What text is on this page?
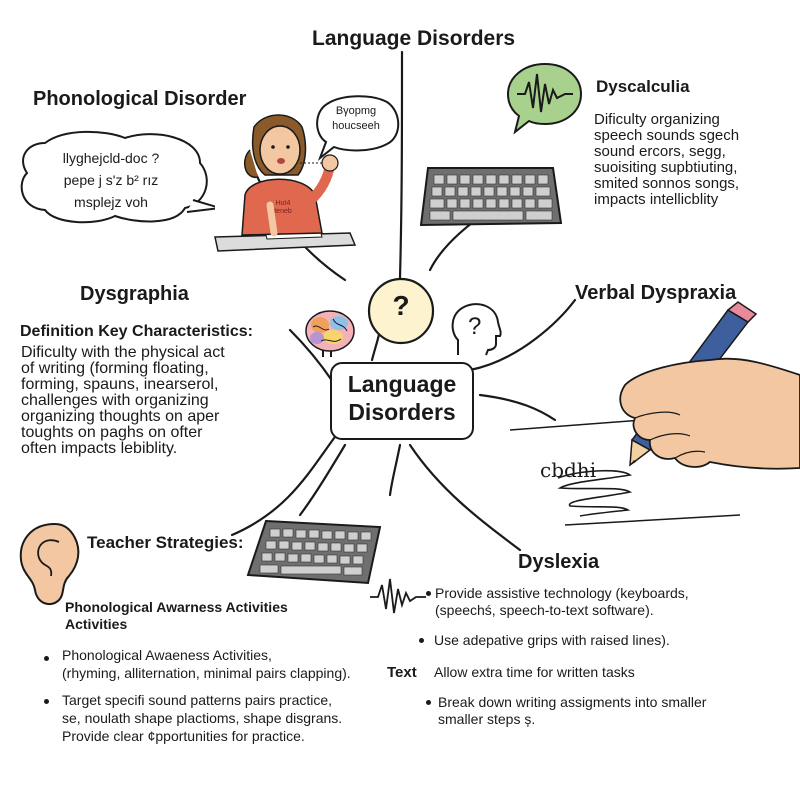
Language Disorders
Phonological Disorder
llyghejcld-doc ?
pepe j s'z b² rız
msplejz voh
Bγopmg
houcseeh
Hut4
teneb
Dyscalculia
Dificulty organizing
speech sounds sgech
sound ercors, segg,
suoisiting supbtiuting,
smited sonnos songs,
impacts intellicblity
?
Language
Disorders
?
Dysgraphia
Definition Key Characteristics:
Dificulty with the physical act
of writing (forming floating,
forming, spauns, inearserol,
challenges with organizing
organizing thoughts on aper
toughts on paghs on ofter
often impacts lebiblity.
Verbal Dyspraxia
cbdhi
Teacher Strategies:
Phonological Awarness Activities
Activities
Phonological Awaeness Activities,
(rhyming, alliternation, minimal pairs clapping).
Target specifi sound patterns pairs practice,
se, noulath shape plactioms, shape disgrans.
Provide clear ¢pportunities for practice.
Dyslexia
Provide assistive technology (keyboards,
(speechś, speech-to-text software).
Use adepative grips with raised lines).
Text Allow extra time for written tasks
Break down writing assigments into smaller
smaller steps ș.
